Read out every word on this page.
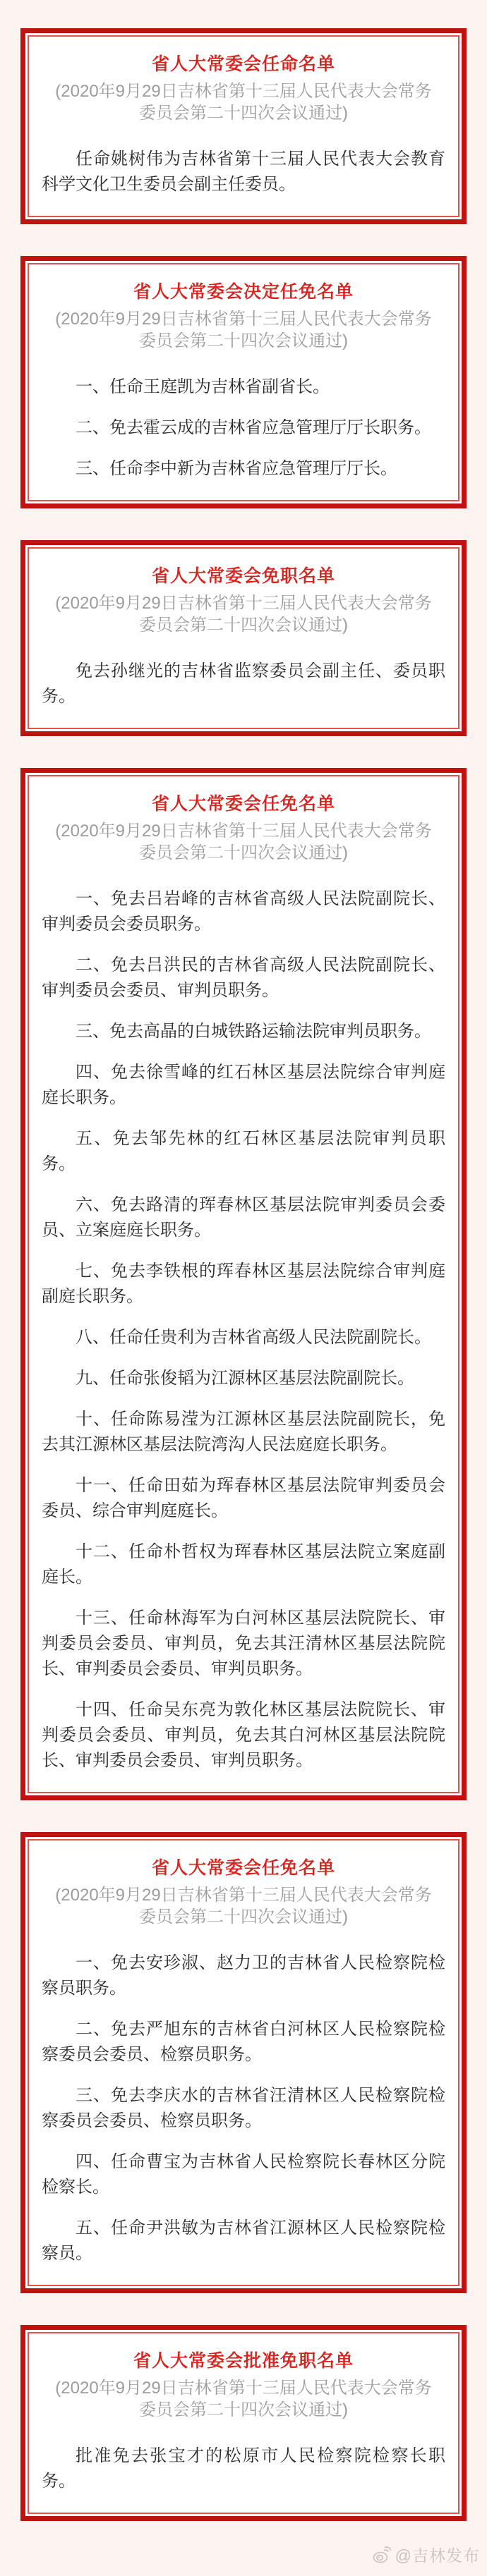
省人大常委会任命名单
(2020年9月29日吉林省第十三届人民代表大会常务
委员会第二十四次会议通过)

任命姚树伟为吉林省第十三届人民代表大会教育科学文化卫生委员会副主任委员。

省人大常委会决定任免名单
(2020年9月29日吉林省第十三届人民代表大会常务
委员会第二十四次会议通过)

一、任命王庭凯为吉林省副省长。

二、免去霍云成的吉林省应急管理厅厅长职务。

三、任命李中新为吉林省应急管理厅厅长。

省人大常委会免职名单
(2020年9月29日吉林省第十三届人民代表大会常务
委员会第二十四次会议通过)

免去孙继光的吉林省监察委员会副主任、委员职务。

省人大常委会任免名单
(2020年9月29日吉林省第十三届人民代表大会常务
委员会第二十四次会议通过)

一、免去吕岩峰的吉林省高级人民法院副院长、审判委员会委员职务。

二、免去吕洪民的吉林省高级人民法院副院长、审判委员会委员、审判员职务。

三、免去高晶的白城铁路运输法院审判员职务。

四、免去徐雪峰的红石林区基层法院综合审判庭庭长职务。

五、免去邹先林的红石林区基层法院审判员职务。

六、免去路清的珲春林区基层法院审判委员会委员、立案庭庭长职务。

七、免去李铁根的珲春林区基层法院综合审判庭副庭长职务。

八、任命任贵利为吉林省高级人民法院副院长。

九、任命张俊韬为江源林区基层法院副院长。

十、任命陈易滢为江源林区基层法院副院长，免去其江源林区基层法院湾沟人民法庭庭长职务。

十一、任命田茹为珲春林区基层法院审判委员会委员、综合审判庭庭长。

十二、任命朴哲权为珲春林区基层法院立案庭副庭长。

十三、任命林海军为白河林区基层法院院长、审判委员会委员、审判员，免去其汪清林区基层法院院长、审判委员会委员、审判员职务。

十四、任命吴东亮为敦化林区基层法院院长、审判委员会委员、审判员，免去其白河林区基层法院院长、审判委员会委员、审判员职务。

省人大常委会任免名单
(2020年9月29日吉林省第十三届人民代表大会常务
委员会第二十四次会议通过)

一、免去安珍淑、赵力卫的吉林省人民检察院检察员职务。

二、免去严旭东的吉林省白河林区人民检察院检察委员会委员、检察员职务。

三、免去李庆水的吉林省汪清林区人民检察院检察委员会委员、检察员职务。

四、任命曹宝为吉林省人民检察院长春林区分院检察长。

五、任命尹洪敏为吉林省江源林区人民检察院检察员。

省人大常委会批准免职名单
(2020年9月29日吉林省第十三届人民代表大会常务
委员会第二十四次会议通过)

批准免去张宝才的松原市人民检察院检察长职务。

@吉林发布
